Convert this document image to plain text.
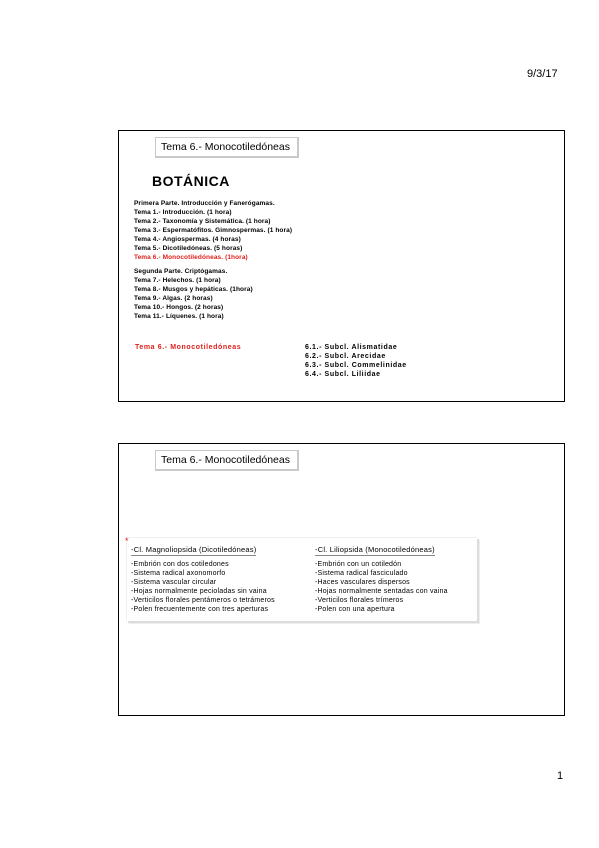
9/3/17
Tema 6.- Monocotiledóneas
BOTÁNICA
Primera Parte. Introducción y Fanerógamas.
Tema 1.- Introducción. (1 hora)
Tema 2.- Taxonomía y Sistemática. (1 hora)
Tema 3.- Espermatófitos. Gimnospermas. (1 hora)
Tema 4.- Angiospermas. (4 horas)
Tema 5.- Dicotiledóneas. (5 horas)
Tema 6.- Monocotiledóneas. (1hora)
Segunda Parte. Criptógamas.
Tema 7.- Helechos. (1 hora)
Tema 8.- Musgos y hepáticas. (1hora)
Tema 9.- Algas. (2 horas)
Tema 10.- Hongos. (2 horas)
Tema 11.- Líquenes. (1 hora)
Tema 6.- Monocotiledóneas	6.1.- Subcl. Alismatidae
6.2.- Subcl. Arecidae
6.3.- Subcl. Commelinidae
6.4.- Subcl. Liliidae
Tema 6.- Monocotiledóneas
*
-Cl. Magnoliopsida (Dicotiledóneas)	-Cl. Liliopsida (Monocotiledóneas)
-Embrión con dos cotiledones
-Sistema radical axonomorfo
-Sistema vascular circular
-Hojas normalmente pecioladas sin vaina
-Verticilos florales pentámeros o tetrámeros
-Polen frecuentemente con tres aperturas
-Embrión con un cotiledón
-Sistema radical fasciculado
-Haces vasculares dispersos
-Hojas normalmente sentadas con vaina
-Verticilos florales trímeros
-Polen con una apertura
1
